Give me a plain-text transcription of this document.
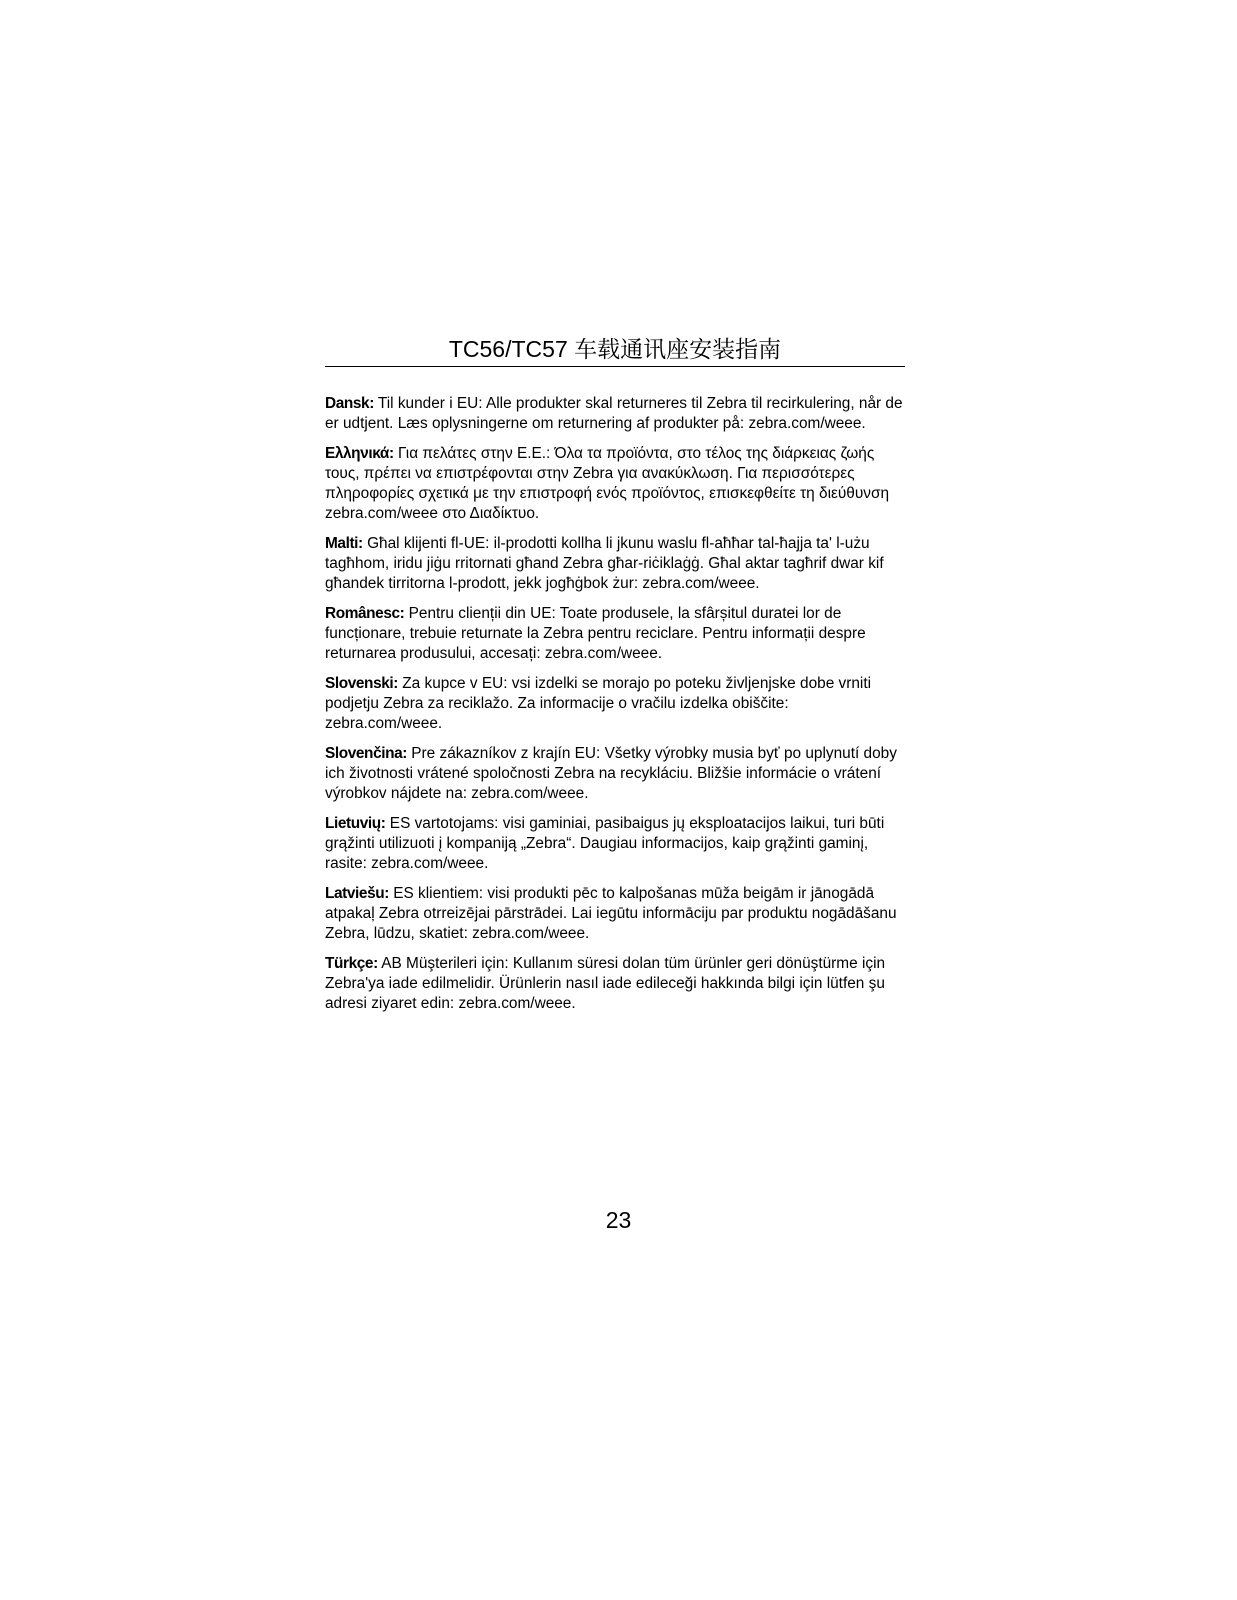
TC56/TC57 车载通讯座安装指南

Dansk: Til kunder i EU: Alle produkter skal returneres til Zebra til recirkulering, når de er udtjent. Læs oplysningerne om returnering af produkter på: zebra.com/weee.

Ελληνικά: Για πελάτες στην Ε.Ε.: Όλα τα προϊόντα, στο τέλος της διάρκειας ζωής τους, πρέπει να επιστρέφονται στην Zebra για ανακύκλωση. Για περισσότερες πληροφορίες σχετικά με την επιστροφή ενός προϊόντος, επισκεφθείτε τη διεύθυνση zebra.com/weee στο Διαδίκτυο.

Malti: Għal klijenti fl-UE: il-prodotti kollha li jkunu waslu fl-aħħar tal-ħajja ta' l-użu tagħhom, iridu jiġu rritornati għand Zebra għar-riċiklaġġ. Għal aktar tagħrif dwar kif għandek tirritorna l-prodott, jekk jogħġbok żur: zebra.com/weee.

Românesc: Pentru clienții din UE: Toate produsele, la sfârșitul duratei lor de funcționare, trebuie returnate la Zebra pentru reciclare. Pentru informații despre returnarea produsului, accesați: zebra.com/weee.

Slovenski: Za kupce v EU: vsi izdelki se morajo po poteku življenjske dobe vrniti podjetju Zebra za reciklažo. Za informacije o vračilu izdelka obiščite: zebra.com/weee.

Slovenčina: Pre zákazníkov z krajín EU: Všetky výrobky musia byť po uplynutí doby ich životnosti vrátené spoločnosti Zebra na recykláciu. Bližšie informácie o vrátení výrobkov nájdete na: zebra.com/weee.

Lietuvių: ES vartotojams: visi gaminiai, pasibaigus jų eksploatacijos laikui, turi būti grąžinti utilizuoti į kompaniją „Zebra“. Daugiau informacijos, kaip grąžinti gaminį, rasite: zebra.com/weee.

Latviešu: ES klientiem: visi produkti pēc to kalpošanas mūža beigām ir jānogādā atpakaļ Zebra otrreizējai pārstrādei. Lai iegūtu informāciju par produktu nogādāšanu Zebra, lūdzu, skatiet: zebra.com/weee.

Türkçe: AB Müşterileri için: Kullanım süresi dolan tüm ürünler geri dönüştürme için Zebra'ya iade edilmelidir. Ürünlerin nasıl iade edileceği hakkında bilgi için lütfen şu adresi ziyaret edin: zebra.com/weee.

23
